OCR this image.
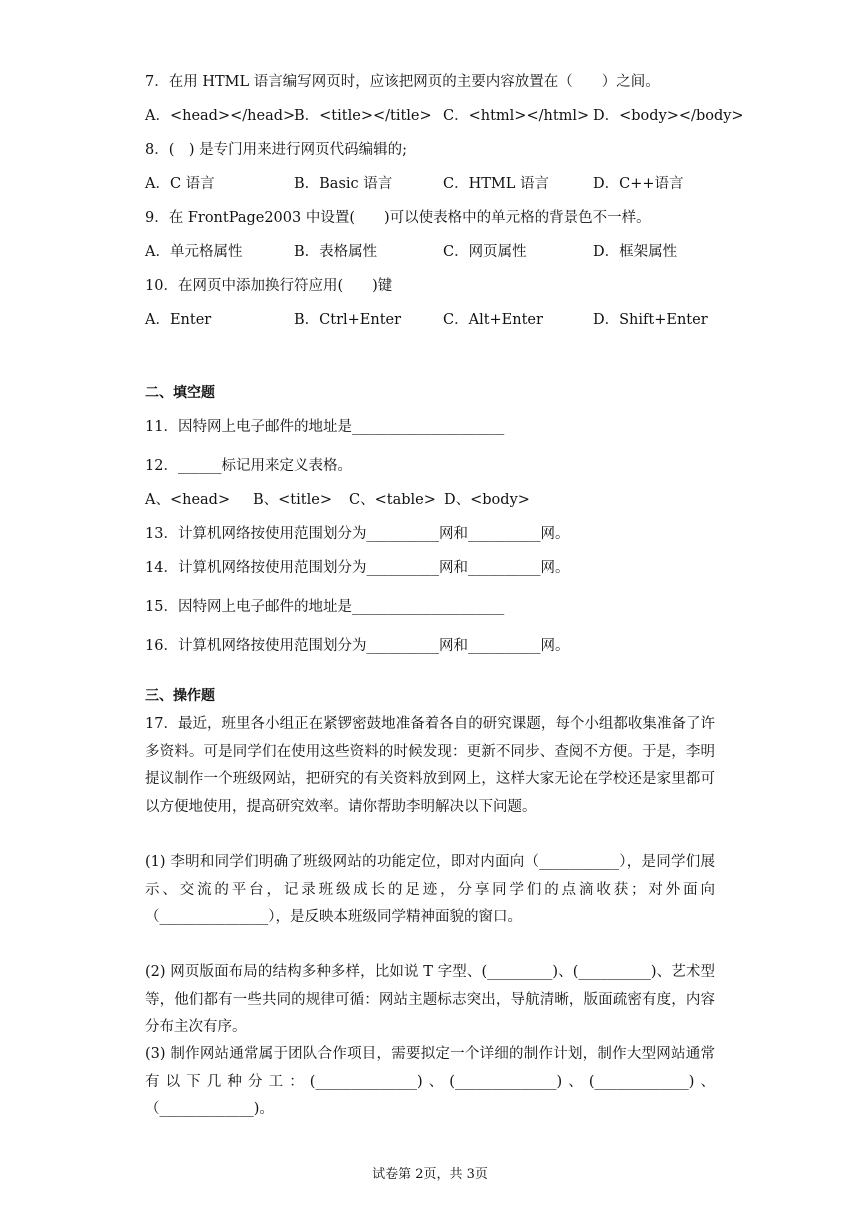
7．在用 HTML 语言编写网页时，应该把网页的主要内容放置在（　　）之间。
A．<head></head>
B．<title></title> C．<html></html> D．<body></body>
8．(　) 是专门用来进行网页代码编辑的;
A．C 语言	B．Basic 语言	C．HTML 语言	D．C++语言
9．在 FrontPage2003 中设置(　　)可以使表格中的单元格的背景色不一样。
A．单元格属性	B．表格属性	C．网页属性	D．框架属性
10．在网页中添加换行符应用(　　)键
A．Enter	B．Ctrl+Enter	C．Alt+Enter	D．Shift+Enter
二、填空题
11．因特网上电子邮件的地址是_____________________
12．______标记用来定义表格。
A、<head> B、<title> C、<table> D、<body>
13．计算机网络按使用范围划分为__________网和__________网。
14．计算机网络按使用范围划分为__________网和__________网。
15．因特网上电子邮件的地址是_____________________
16．计算机网络按使用范围划分为__________网和__________网。
三、操作题
17．最近，班里各小组正在紧锣密鼓地准备着各自的研究课题，每个小组都收集准备了许多资料。可是同学们在使用这些资料的时候发现：更新不同步、查阅不方便。于是，李明提议制作一个班级网站，把研究的有关资料放到网上，这样大家无论在学校还是家里都可以方便地使用，提高研究效率。请你帮助李明解决以下问题。
(1) 李明和同学们明确了班级网站的功能定位，即对内面向（___________），是同学们展示、交流的平台，记录班级成长的足迹，分享同学们的点滴收获；对外面向（_______________），是反映本班级同学精神面貌的窗口。
(2) 网页版面布局的结构多种多样，比如说 T 字型、(_________)、(__________)、艺术型等，他们都有一些共同的规律可循：网站主题标志突出，导航清晰，版面疏密有度，内容分布主次有序。
(3) 制作网站通常属于团队合作项目，需要拟定一个详细的制作计划，制作大型网站通常有以下几种分工：(______________)、(______________)、(_____________)、（_____________)。
试卷第 2页，共 3页
